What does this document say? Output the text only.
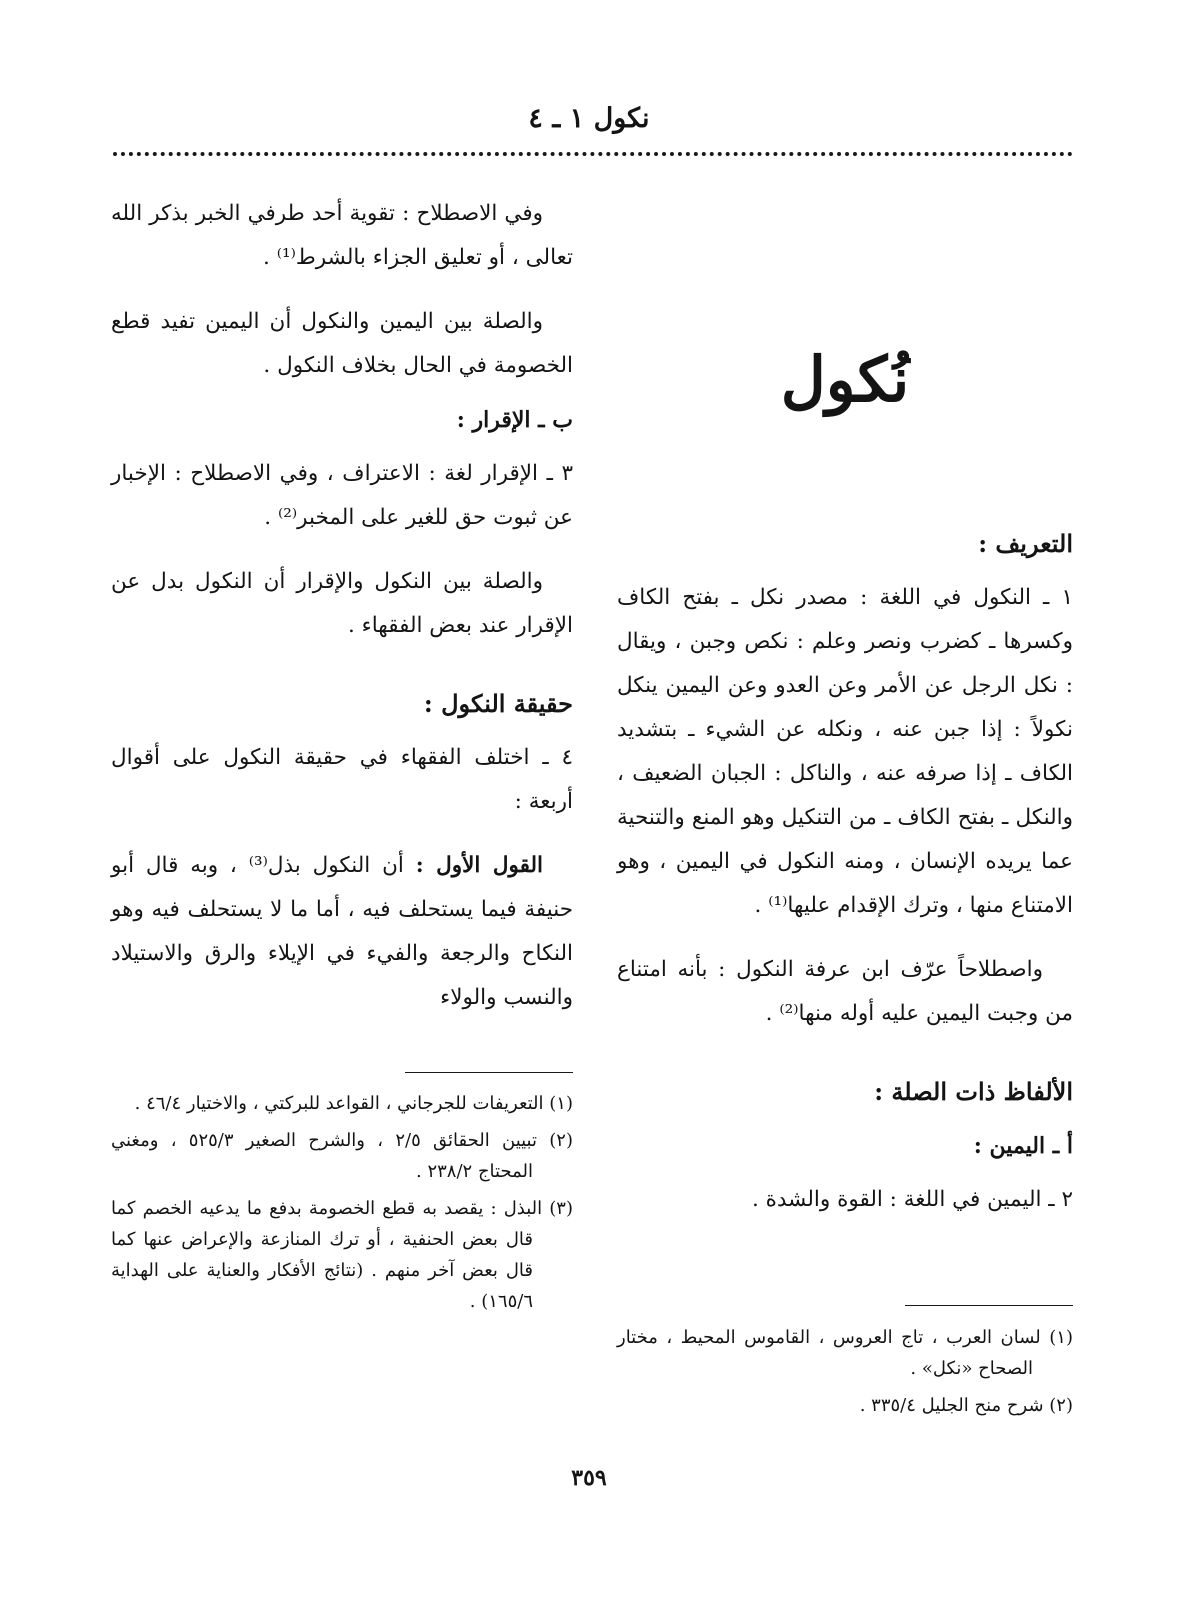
نكول ١ ـ ٤
نُكول

التعريف :

١ ـ النكول في اللغة : مصدر نكل ـ بفتح الكاف وكسرها ـ كضرب ونصر وعلم : نكص وجبن ، ويقال : نكل الرجل عن الأمر وعن العدو وعن اليمين ينكل نكولاً : إذا جبن عنه ، ونكله عن الشيء ـ بتشديد الكاف ـ إذا صرفه عنه ، والناكل : الجبان الضعيف ، والنكل ـ بفتح الكاف ـ من التنكيل وهو المنع والتنحية عما يريده الإنسان ، ومنه النكول في اليمين ، وهو الامتناع منها ، وترك الإقدام عليها⁽¹⁾ .

واصطلاحاً عرّف ابن عرفة النكول : بأنه امتناع من وجبت اليمين عليه أوله منها⁽²⁾ .

الألفاظ ذات الصلة :

أ ـ اليمين :

٢ ـ اليمين في اللغة : القوة والشدة .

(١) لسان العرب ، تاج العروس ، القاموس المحيط ، مختار الصحاح «نكل» .

(٢) شرح منح الجليل ٣٣٥/٤ .

وفي الاصطلاح : تقوية أحد طرفي الخبر بذكر الله تعالى ، أو تعليق الجزاء بالشرط⁽¹⁾ .

والصلة بين اليمين والنكول أن اليمين تفيد قطع الخصومة في الحال بخلاف النكول .

ب ـ الإقرار :

٣ ـ الإقرار لغة : الاعتراف ، وفي الاصطلاح : الإخبار عن ثبوت حق للغير على المخبر⁽²⁾ .

والصلة بين النكول والإقرار أن النكول بدل عن الإقرار عند بعض الفقهاء .

حقيقة النكول :

٤ ـ اختلف الفقهاء في حقيقة النكول على أقوال أربعة :

القول الأول : أن النكول بذل⁽³⁾ ، وبه قال أبو حنيفة فيما يستحلف فيه ، أما ما لا يستحلف فيه وهو النكاح والرجعة والفيء في الإيلاء والرق والاستيلاد والنسب والولاء

(١) التعريفات للجرجاني ، القواعد للبركتي ، والاختيار ٤٦/٤ .

(٢) تبيين الحقائق ٢/٥ ، والشرح الصغير ٥٢٥/٣ ، ومغني المحتاج ٢٣٨/٢ .

(٣) البذل : يقصد به قطع الخصومة بدفع ما يدعيه الخصم كما قال بعض الحنفية ، أو ترك المنازعة والإعراض عنها كما قال بعض آخر منهم . (نتائج الأفكار والعناية على الهداية ١٦٥/٦) .

٣٥٩
